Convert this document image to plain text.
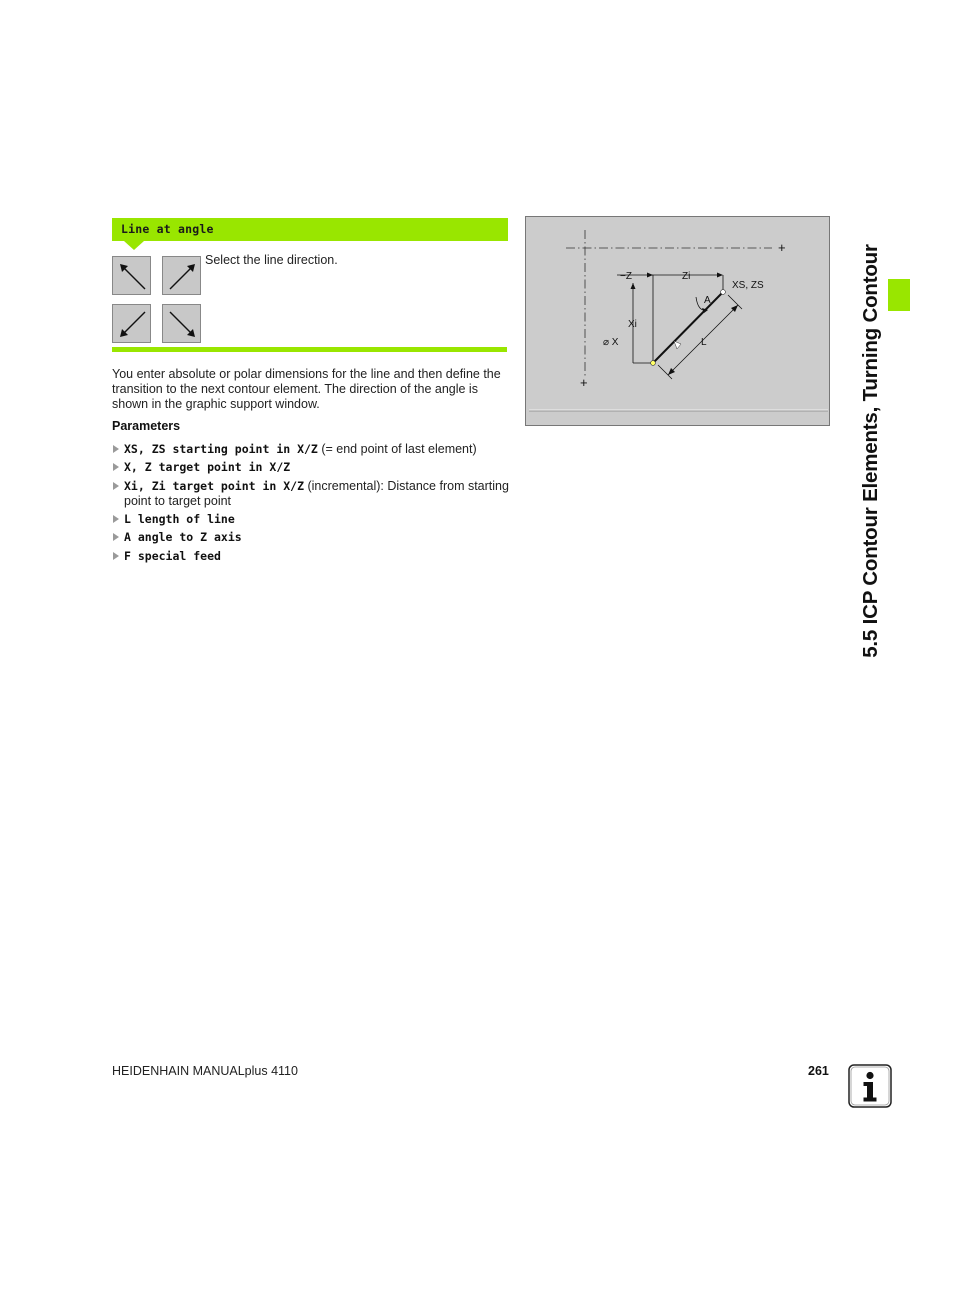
Line at angle
Select the line direction.
You enter absolute or polar dimensions for the line and then define the transition to the next contour element. The direction of the angle is shown in the graphic support window.
Parameters
XS, ZS starting point in X/Z (= end point of last element)
X, Z target point in X/Z
Xi, Zi target point in X/Z (incremental): Distance from starting point to target point
L length of line
A angle to Z axis
F special feed
+
+
−Z	Zi
XS, ZS
A
Xi
⌀ X	L	5.5 ICP Contour Elements, Turning Contour
HEIDENHAIN MANUALplus 4110	261
